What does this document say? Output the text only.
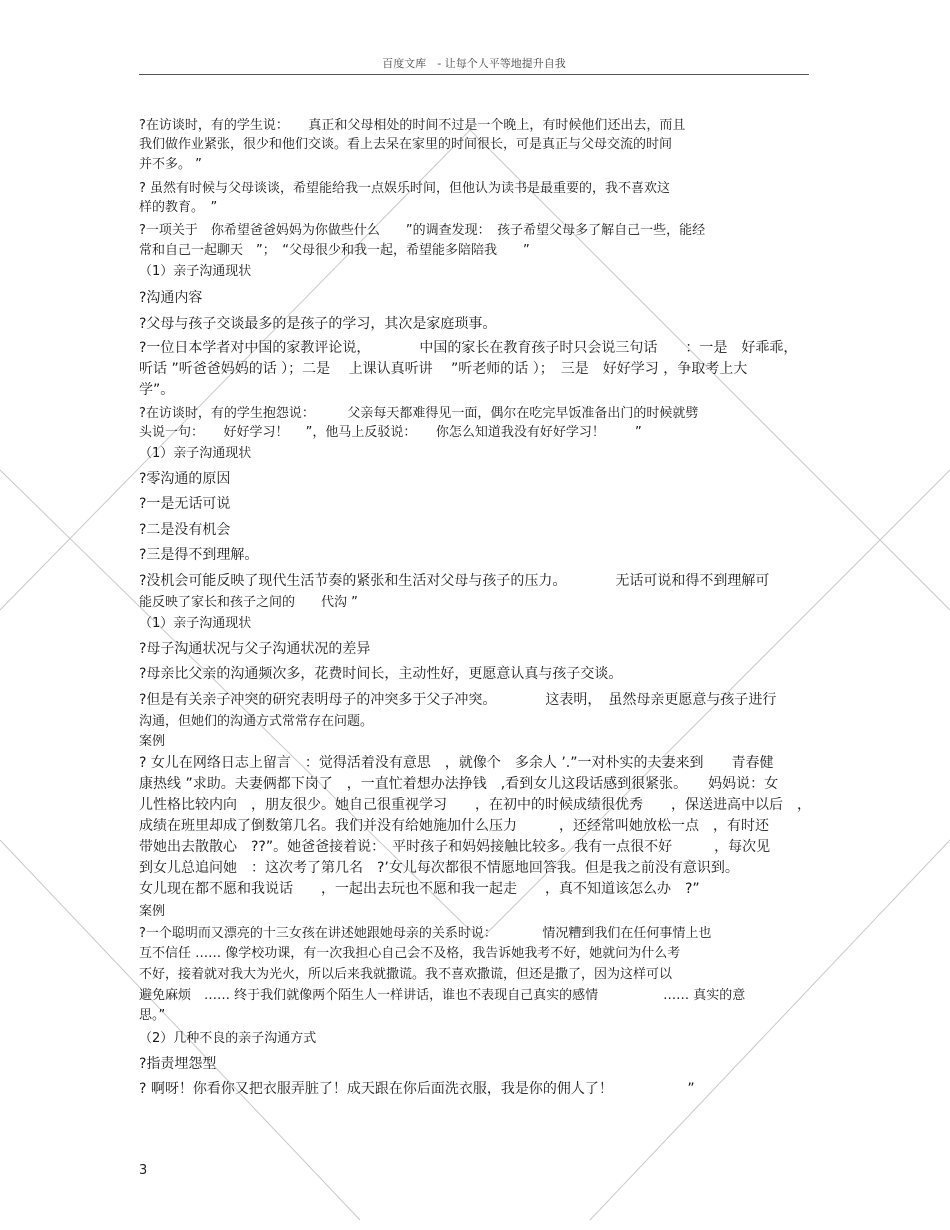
百度文库　- 让每个人平等地提升自我
?在访谈时，有的学生说：　　真正和父母相处的时间不过是一个晚上，有时候他们还出去，而且
我们做作业紧张，很少和他们交谈。看上去呆在家里的时间很长，可是真正与父母交流的时间
并不多。 ”
? 虽然有时候与父母谈谈，希望能给我一点娱乐时间，但他认为读书是最重要的，我不喜欢这
样的教育。　”
?一项关于　你希望爸爸妈妈为你做些什么　　”的调查发现：　孩子希望父母多了解自己一些，能经
常和自己一起聊天　”；　“父母很少和我一起，希望能多陪陪我　　”
（1）亲子沟通现状
?沟通内容
?父母与孩子交谈最多的是孩子的学习，其次是家庭琐事。
?一位日本学者对中国的家教评论说，　　　　中国的家长在教育孩子时只会说三句话　　：一是　好乖乖，
听话 ”听爸爸妈妈的话 ）；二是　 上课认真听讲　 ”听老师的话 ）；　三是　好好学习 ，争取考上大
学”。
?在访谈时，有的学生抱怨说：　　　父亲每天都难得见一面，偶尔在吃完早饭准备出门的时候就劈
头说一句：　　好好学习！　 ”，他马上反驳说：　　你怎么知道我没有好好学习！　　 ”
（1）亲子沟通现状
?零沟通的原因
?一是无话可说
?二是没有机会
?三是得不到理解。
?没机会可能反映了现代生活节奏的紧张和生活对父母与孩子的压力。　　　　无话可说和得不到理解可
能反映了家长和孩子之间的　　代沟 ”
（1）亲子沟通现状
?母子沟通状况与父子沟通状况的差异
?母亲比父亲的沟通频次多，花费时间长，主动性好，更愿意认真与孩子交谈。
?但是有关亲子冲突的研究表明母子的冲突多于父子冲突。　　　　这表明，　虽然母亲更愿意与孩子进行
沟通，但她们的沟通方式常常存在问题。
案例
? 女儿在网络日志上留言　：觉得活着没有意思　，就像个　多余人 ’.”一对朴实的夫妻来到　　青春健
康热线 ”求助。夫妻俩都下岗了　，一直忙着想办法挣钱　,看到女儿这段话感到很紧张。　　妈妈说：女
儿性格比较内向　，朋友很少。她自己很重视学习　　，在初中的时候成绩很优秀　　，保送进高中以后　，
成绩在班里却成了倒数第几名。我们并没有给她施加什么压力　　　，还经常叫她放松一点　，有时还
带她出去散散心　??”。她爸爸接着说：　平时孩子和妈妈接触比较多。我有一点很不好　　　，每次见
到女儿总追问她　：这次考了第几名　?’女儿每次都很不情愿地回答我。但是我之前没有意识到。
女儿现在都不愿和我说话　　，一起出去玩也不愿和我一起走　　，真不知道该怎么办　?”
案例
?一个聪明而又漂亮的十三女孩在讲述她跟她母亲的关系时说：　　　　情况糟到我们在任何事情上也
互不信任 …… 像学校功课，有一次我担心自己会不及格，我告诉她我考不好，她就问为什么考
不好，接着就对我大为光火，所以后来我就撒谎。我不喜欢撒谎，但还是撒了，因为这样可以
避免麻烦　…… 终于我们就像两个陌生人一样讲话，谁也不表现自己真实的感情　　　　　…… 真实的意
思。”
（2）几种不良的亲子沟通方式
?指责埋怨型
? 啊呀！你看你又把衣服弄脏了！成天跟在你后面洗衣服，我是你的佣人了！　　　　　 ”
3
